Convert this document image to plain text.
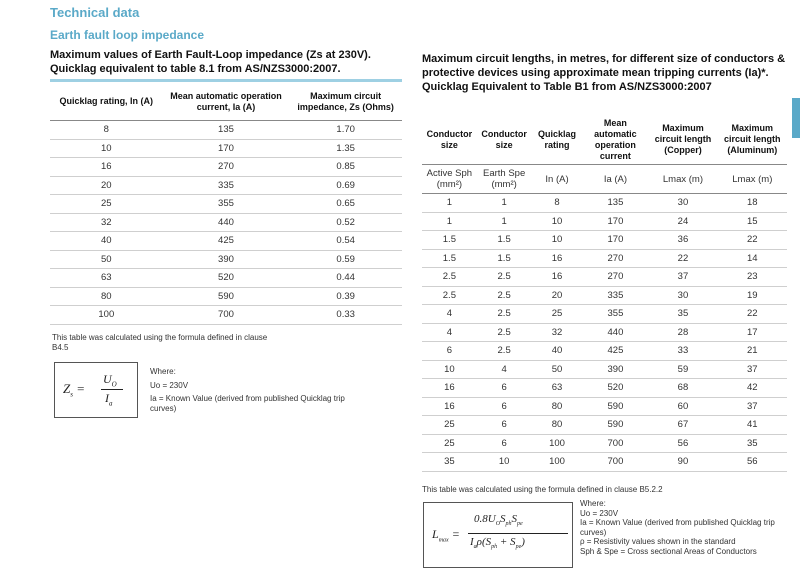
Technical data
Earth fault loop impedance
Maximum values of Earth Fault-Loop impedance (Zs at 230V). Quicklag equivalent to table 8.1 from AS/NZS3000:2007.
Quicklag rating, In (A)	Mean automatic operation current, Ia (A)	Maximum circuit impedance, Zs (Ohms)
8	135	1.70
10	170	1.35
16	270	0.85
20	335	0.69
25	355	0.65
32	440	0.52
40	425	0.54
50	390	0.59
63	520	0.44
80	590	0.39
100	700	0.33
This table was calculated using the formula defined in clause B4.5
$Z_s$ =
$U_O$
$I_a$
Where:
Uo = 230V
Ia = Known Value (derived from published Quicklag trip curves)
Maximum circuit lengths, in metres, for different size of conductors & protective devices using approximate mean tripping currents (Ia)*. Quicklag Equivalent to Table B1 from AS/NZS3000:2007
Conductor size	Conductor size	Quicklag rating	Mean automatic operation current	Maximum circuit length (Copper)	Maximum circuit length (Aluminum)
Active Sph (mm²)	Earth Spe (mm²)	In (A)	Ia (A)	Lmax (m)	Lmax (m)
1	1	8	135	30	18
1	1	10	170	24	15
1.5	1.5	10	170	36	22
1.5	1.5	16	270	22	14
2.5	2.5	16	270	37	23
2.5	2.5	20	335	30	19
4	2.5	25	355	35	22
4	2.5	32	440	28	17
6	2.5	40	425	33	21
10	4	50	390	59	37
16	6	63	520	68	42
16	6	80	590	60	37
25	6	80	590	67	41
25	6	100	700	56	35
35	10	100	700	90	56
This table was calculated using the formula defined in clause B5.2.2
$L_{max}$ =
$0.8U_OS_{ph}S_{pe}$
$I_a\rho(S_{ph} + S_{pe})$
Where:
Uo = 230V
Ia = Known Value (derived from published Quicklag trip curves)
ρ = Resistivity values shown in the standard
Sph & Spe = Cross sectional Areas of Conductors
